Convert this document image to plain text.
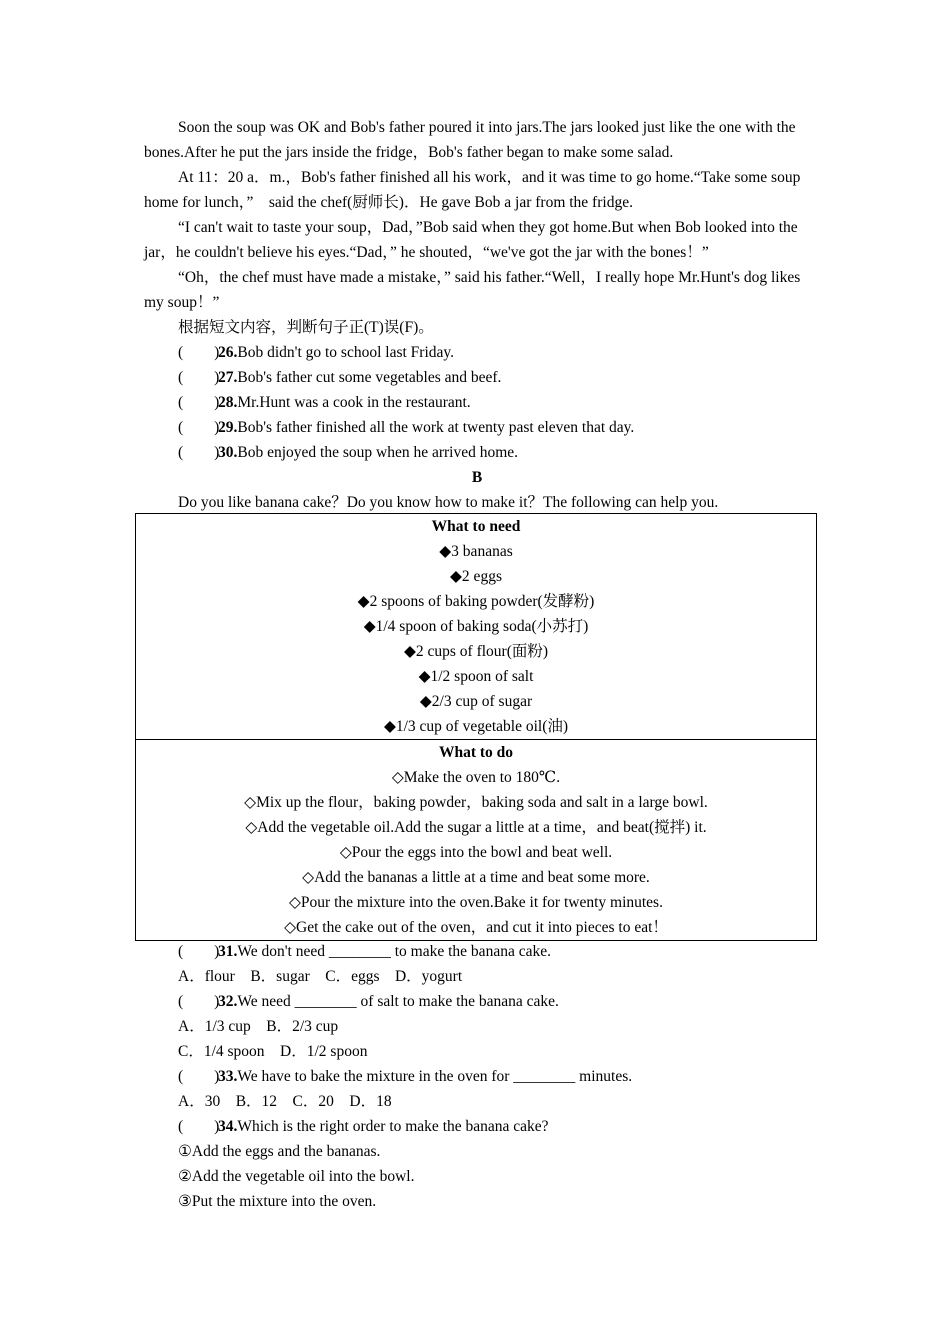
Soon the soup was OK and Bob's father poured it into jars.The jars looked just like the one with the bones.After he put the jars inside the fridge，Bob's father began to make some salad.

At 11：20 a．m.，Bob's father finished all his work，and it was time to go home.“Take some soup home for lunch，”　said the chef(厨师长)．He gave Bob a jar from the fridge.

“I can't wait to taste your soup，Dad，”Bob said when they got home.But when Bob looked into the jar，he couldn't believe his eyes.“Dad，” he shouted，“we've got the jar with the bones！”

“Oh，the chef must have made a mistake，” said his father.“Well，I really hope Mr.Hunt's dog likes my soup！”

根据短文内容，判断句子正(T)误(F)。

(　　)26.Bob didn't go to school last Friday.

(　　)27.Bob's father cut some vegetables and beef.

(　　)28.Mr.Hunt was a cook in the restaurant.

(　　)29.Bob's father finished all the work at twenty past eleven that day.

(　　)30.Bob enjoyed the soup when he arrived home.

B

Do you like banana cake？Do you know how to make it？The following can help you.

What to need
◆3 bananas
◆2 eggs
◆2 spoons of baking powder(发酵粉)
◆1/4 spoon of baking soda(小苏打)
◆2 cups of flour(面粉)
◆1/2 spoon of salt
◆2/3 cup of sugar
◆1/3 cup of vegetable oil(油)

What to do
◇Make the oven to 180℃.
◇Mix up the flour，baking powder，baking soda and salt in a large bowl.
◇Add the vegetable oil.Add the sugar a little at a time，and beat(搅拌) it.
◇Pour the eggs into the bowl and beat well.
◇Add the bananas a little at a time and beat some more.
◇Pour the mixture into the oven.Bake it for twenty minutes.
◇Get the cake out of the oven，and cut it into pieces to eat！

(　　)31.We don't need ________ to make the banana cake.

A．flour　B．sugar　C．eggs　D．yogurt

(　　)32.We need ________ of salt to make the banana cake.

A．1/3 cup　B．2/3 cup

C．1/4 spoon　D．1/2 spoon

(　　)33.We have to bake the mixture in the oven for ________ minutes.

A．30　B．12　C．20　D．18

(　　)34.Which is the right order to make the banana cake?

①Add the eggs and the bananas.

②Add the vegetable oil into the bowl.

③Put the mixture into the oven.
